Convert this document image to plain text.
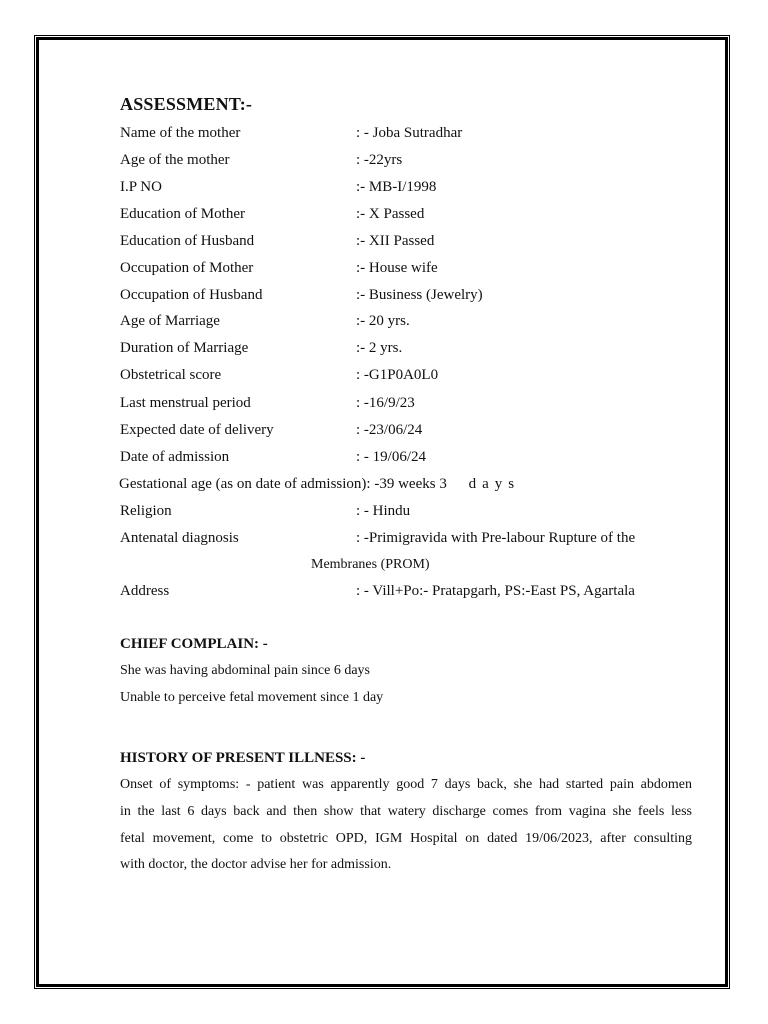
ASSESSMENT:-
Name of the mother	: - Joba Sutradhar
Age of the mother	: -22yrs
I.P NO	:- MB-I/1998
Education of Mother	:- X Passed
Education of Husband	:- XII Passed
Occupation of Mother	:- House wife
Occupation of Husband	:- Business (Jewelry)
Age of Marriage	:- 20 yrs.
Duration of Marriage	:- 2 yrs.
Obstetrical score	: -G1P0A0L0
Last menstrual period	: -16/9/23
Expected date of delivery	: -23/06/24
Date of admission	: - 19/06/24
Gestational age (as on date of admission): -39 weeks 3 days
Religion	: - Hindu
Antenatal diagnosis	: -Primigravida with Pre-labour Rupture of the
Membranes (PROM)
Address	: - Vill+Po:- Pratapgarh, PS:-East PS, Agartala
CHIEF COMPLAIN: -
She was having abdominal pain since 6 days
Unable to perceive fetal movement since 1 day
HISTORY OF PRESENT ILLNESS: -
Onset of symptoms: - patient was apparently good 7 days back, she had started pain abdomen
in the last 6 days back and then show that watery discharge comes from vagina she feels less
fetal movement, come to obstetric OPD, IGM Hospital on dated 19/06/2023, after consulting
with doctor, the doctor advise her for admission.
